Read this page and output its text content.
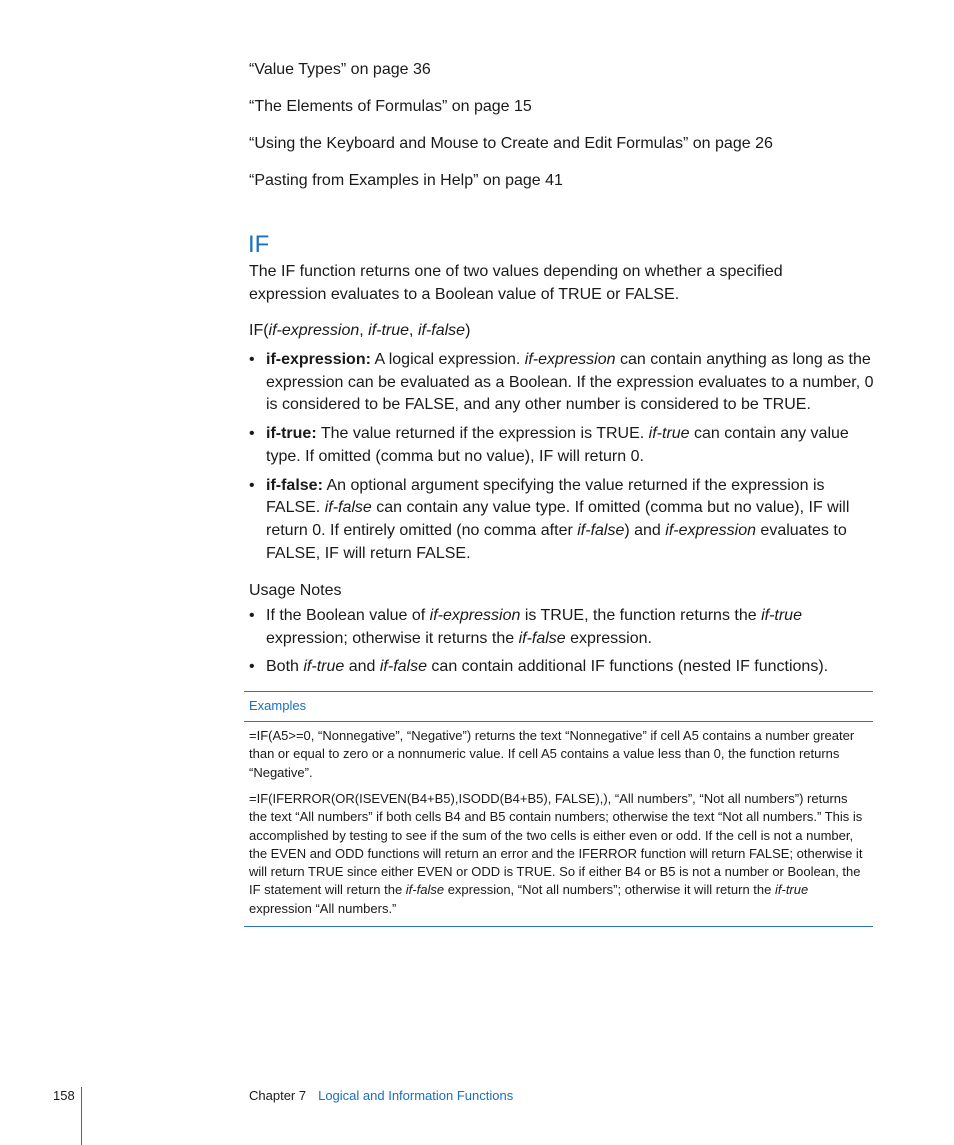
“Value Types” on page 36
“The Elements of Formulas” on page 15
“Using the Keyboard and Mouse to Create and Edit Formulas” on page 26
“Pasting from Examples in Help” on page 41
IF
The IF function returns one of two values depending on whether a specified expression evaluates to a Boolean value of TRUE or FALSE.
IF(if-expression, if-true, if-false)
• if-expression: A logical expression. if-expression can contain anything as long as the expression can be evaluated as a Boolean. If the expression evaluates to a number, 0 is considered to be FALSE, and any other number is considered to be TRUE.
• if-true: The value returned if the expression is TRUE. if-true can contain any value type. If omitted (comma but no value), IF will return 0.
• if-false: An optional argument specifying the value returned if the expression is FALSE. if-false can contain any value type. If omitted (comma but no value), IF will return 0. If entirely omitted (no comma after if-false) and if-expression evaluates to FALSE, IF will return FALSE.
Usage Notes
• If the Boolean value of if-expression is TRUE, the function returns the if-true expression; otherwise it returns the if-false expression.
• Both if-true and if-false can contain additional IF functions (nested IF functions).
Examples
=IF(A5>=0, “Nonnegative”, “Negative”) returns the text “Nonnegative” if cell A5 contains a number greater than or equal to zero or a nonnumeric value. If cell A5 contains a value less than 0, the function returns “Negative”.
=IF(IFERROR(OR(ISEVEN(B4+B5),ISODD(B4+B5), FALSE),), “All numbers”, “Not all numbers”) returns the text “All numbers” if both cells B4 and B5 contain numbers; otherwise the text “Not all numbers.” This is accomplished by testing to see if the sum of the two cells is either even or odd. If the cell is not a number, the EVEN and ODD functions will return an error and the IFERROR function will return FALSE; otherwise it will return TRUE since either EVEN or ODD is TRUE. So if either B4 or B5 is not a number or Boolean, the IF statement will return the if-false expression, “Not all numbers”; otherwise it will return the if-true expression “All numbers.”
158	Chapter 7 Logical and Information Functions
